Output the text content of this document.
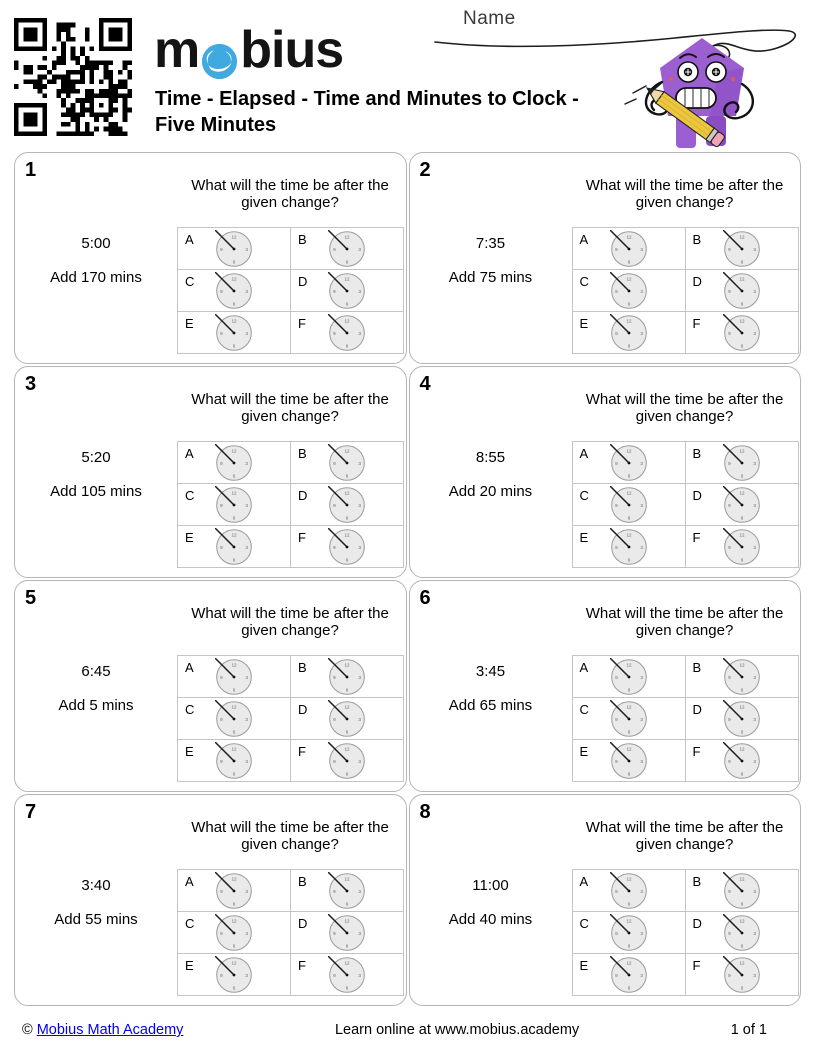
m bius
Time - Elapsed - Time and Minutes to Clock - Five Minutes
Name
1
5:00
Add 170 mins
What will the time be after the given change?
A 12
3
6
9	B 12
3
6
9

C 12
3
6
9	D 12
3
6
9

E 12
3
6
9	F 12
3
6
9
2
7:35
Add 75 mins
What will the time be after the given change?
A 12
3
6
9	B 12
3
6
9

C 12
3
6
9	D 12
3
6
9

E 12
3
6
9	F 12
3
6
9
3
5:20
Add 105 mins
What will the time be after the given change?
A 12
3
6
9	B 12
3
6
9

C 12
3
6
9	D 12
3
6
9

E 12
3
6
9	F 12
3
6
9
4
8:55
Add 20 mins
What will the time be after the given change?
A 12
3
6
9	B 12
3
6
9

C 12
3
6
9	D 12
3
6
9

E 12
3
6
9	F 12
3
6
9
5
6:45
Add 5 mins
What will the time be after the given change?
A 12
3
6
9	B 12
3
6
9

C 12
3
6
9	D 12
3
6
9

E 12
3
6
9	F 12
3
6
9
6
3:45
Add 65 mins
What will the time be after the given change?
A 12
3
6
9	B 12
3
6
9

C 12
3
6
9	D 12
3
6
9

E 12
3
6
9	F 12
3
6
9
7
3:40
Add 55 mins
What will the time be after the given change?
A 12
3
6
9	B 12
3
6
9

C 12
3
6
9	D 12
3
6
9

E 12
3
6
9	F 12
3
6
9
8
11:00
Add 40 mins
What will the time be after the given change?
A 12
3
6
9	B 12
3
6
9

C 12
3
6
9	D 12
3
6
9

E 12
3
6
9	F 12
3
6
9
© Mobius Math Academy	Learn online at www.mobius.academy	1 of 1
